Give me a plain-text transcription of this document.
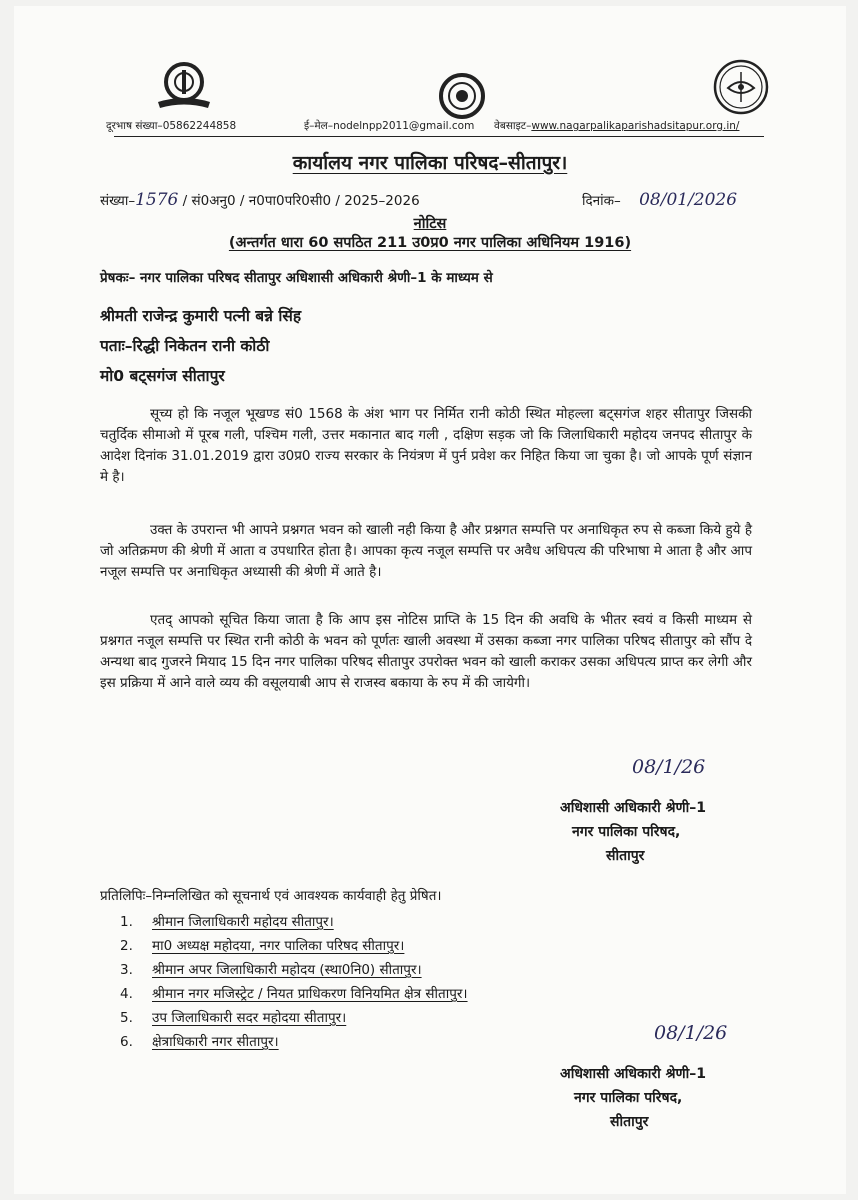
दूरभाष संख्या–05862244858	ई–मेल–nodelnpp2011@gmail.com वेबसाइट–www.nagarpalikaparishadsitapur.org.in/
कार्यालय नगर पालिका परिषद–सीतापुर।
संख्या–1576 / सं0अनु0 / न0पा0परि0सी0 / 2025–2026	दिनांक– 08/01/2026
नोटिस
(अन्तर्गत धारा 60 सपठित 211 उ0प्र0 नगर पालिका अधिनियम 1916)
प्रेषकः– नगर पालिका परिषद सीतापुर अधिशासी अधिकारी श्रेणी–1 के माध्यम से
श्रीमती राजेन्द्र कुमारी पत्नी बन्ने सिंह
पताः–रिद्धी निकेतन रानी कोठी
मो0 बट्सगंज सीतापुर
सूच्य हो कि नजूल भूखण्ड सं0 1568 के अंश भाग पर निर्मित रानी कोठी स्थित मोहल्ला बट्सगंज शहर सीतापुर जिसकी चतुर्दिक सीमाओ में पूरब गली, पश्चिम गली, उत्तर मकानात बाद गली , दक्षिण सड़क जो कि जिलाधिकारी महोदय जनपद सीतापुर के आदेश दिनांक 31.01.2019 द्वारा उ0प्र0 राज्य सरकार के नियंत्रण में पुर्न प्रवेश कर निहित किया जा चुका है। जो आपके पूर्ण संज्ञान मे है।
उक्त के उपरान्त भी आपने प्रश्नगत भवन को खाली नही किया है और प्रश्नगत सम्पत्ति पर अनाधिकृत रुप से कब्जा किये हुये है जो अतिक्रमण की श्रेणी में आता व उपधारित होता है। आपका कृत्य नजूल सम्पत्ति पर अवैध अधिपत्य की परिभाषा मे आता है और आप नजूल सम्पत्ति पर अनाधिकृत अध्यासी की श्रेणी में आते है।
एतद् आपको सूचित किया जाता है कि आप इस नोटिस प्राप्ति के 15 दिन की अवधि के भीतर स्वयं व किसी माध्यम से प्रश्नगत नजूल सम्पत्ति पर स्थित रानी कोठी के भवन को पूर्णतः खाली अवस्था में उसका कब्जा नगर पालिका परिषद सीतापुर को सौंप दे अन्यथा बाद गुजरने मियाद 15 दिन नगर पालिका परिषद सीतापुर उपरोक्त भवन को खाली कराकर उसका अधिपत्य प्राप्त कर लेगी और इस प्रक्रिया में आने वाले व्यय की वसूलयाबी आप से राजस्व बकाया के रुप में की जायेगी।
08/1/26
अधिशासी अधिकारी श्रेणी–1
नगर पालिका परिषद,
सीतापुर
प्रतिलिपिः–निम्नलिखित को सूचनार्थ एवं आवश्यक कार्यवाही हेतु प्रेषित।
1. श्रीमान जिलाधिकारी महोदय सीतापुर।
2. मा0 अध्यक्ष महोदया, नगर पालिका परिषद सीतापुर।
3. श्रीमान अपर जिलाधिकारी महोदय (स्था0नि0) सीतापुर।
4. श्रीमान नगर मजिस्ट्रेट / नियत प्राधिकरण विनियमित क्षेत्र सीतापुर।
5. उप जिलाधिकारी सदर महोदया सीतापुर।
6. क्षेत्राधिकारी नगर सीतापुर।	08/1/26
अधिशासी अधिकारी श्रेणी–1
नगर पालिका परिषद,
सीतापुर
